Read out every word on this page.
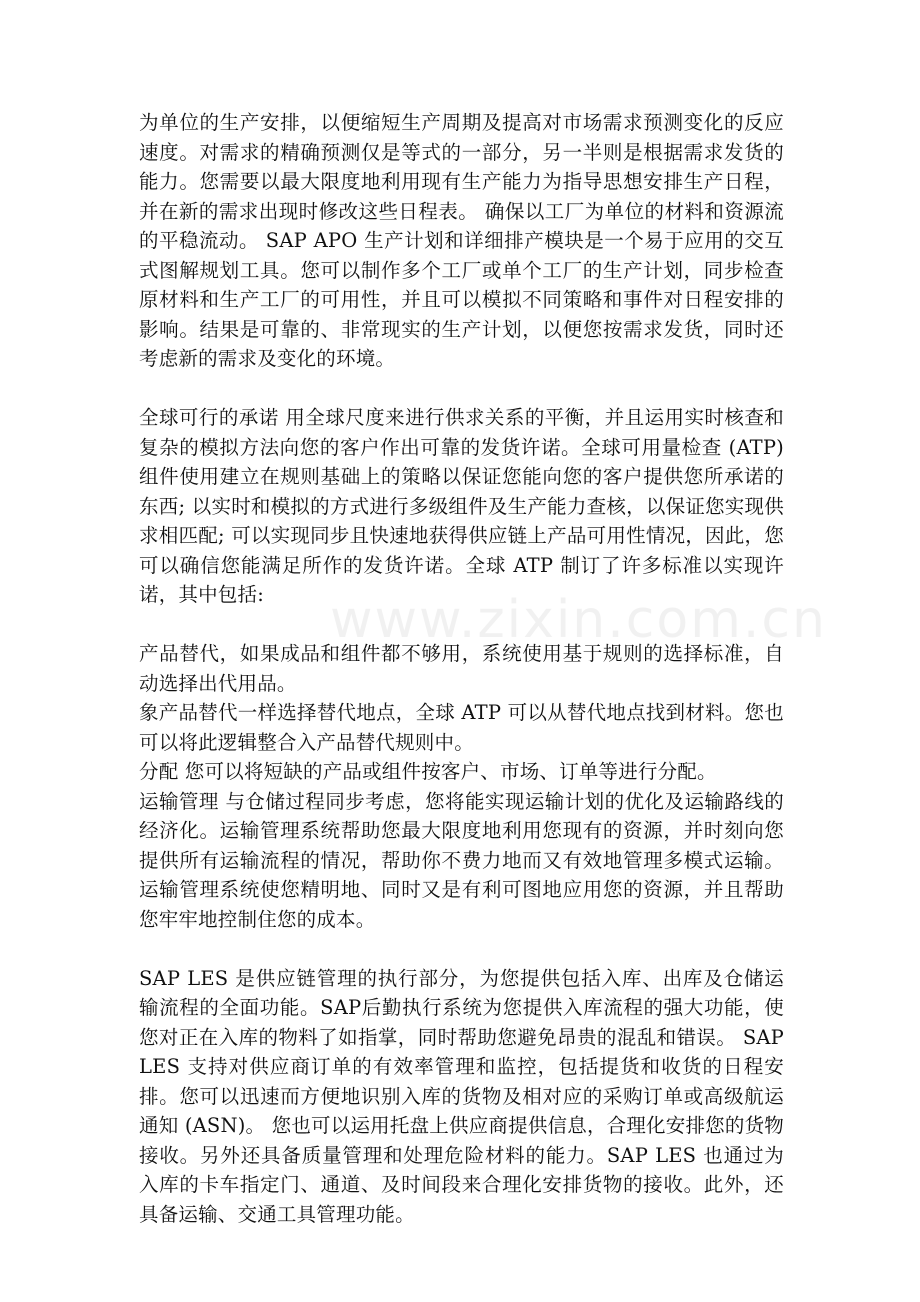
www.zixin.com.cn

为单位的生产安排，以便缩短生产周期及提高对市场需求预测变化的反应速度。对需求的精确预测仅是等式的一部分，另一半则是根据需求发货的能力。您需要以最大限度地利用现有生产能力为指导思想安排生产日程，并在新的需求出现时修改这些日程表。 确保以工厂为单位的材料和资源流的平稳流动。 SAP APO 生产计划和详细排产模块是一个易于应用的交互式图解规划工具。您可以制作多个工厂或单个工厂的生产计划，同步检查原材料和生产工厂的可用性，并且可以模拟不同策略和事件对日程安排的影响。结果是可靠的、非常现实的生产计划，以便您按需求发货，同时还考虑新的需求及变化的环境。

全球可行的承诺 用全球尺度来进行供求关系的平衡，并且运用实时核查和复杂的模拟方法向您的客户作出可靠的发货许诺。全球可用量检查 (ATP)组件使用建立在规则基础上的策略以保证您能向您的客户提供您所承诺的东西; 以实时和模拟的方式进行多级组件及生产能力查核，以保证您实现供求相匹配; 可以实现同步且快速地获得供应链上产品可用性情况，因此，您可以确信您能满足所作的发货许诺。全球 ATP 制订了许多标准以实现许诺，其中包括:

产品替代，如果成品和组件都不够用，系统使用基于规则的选择标准，自动选择出代用品。

象产品替代一样选择替代地点，全球 ATP 可以从替代地点找到材料。您也可以将此逻辑整合入产品替代规则中。

分配 您可以将短缺的产品或组件按客户、市场、订单等进行分配。

运输管理 与仓储过程同步考虑，您将能实现运输计划的优化及运输路线的经济化。运输管理系统帮助您最大限度地利用您现有的资源，并时刻向您提供所有运输流程的情况，帮助你不费力地而又有效地管理多模式运输。运输管理系统使您精明地、同时又是有利可图地应用您的资源，并且帮助您牢牢地控制住您的成本。

SAP LES 是供应链管理的执行部分，为您提供包括入库、出库及仓储运输流程的全面功能。SAP后勤执行系统为您提供入库流程的强大功能，使您对正在入库的物料了如指掌，同时帮助您避免昂贵的混乱和错误。 SAP LES 支持对供应商订单的有效率管理和监控，包括提货和收货的日程安排。您可以迅速而方便地识别入库的货物及相对应的采购订单或高级航运通知 (ASN)。 您也可以运用托盘上供应商提供信息，合理化安排您的货物接收。另外还具备质量管理和处理危险材料的能力。SAP LES 也通过为入库的卡车指定门、通道、及时间段来合理化安排货物的接收。此外，还具备运输、交通工具管理功能。
